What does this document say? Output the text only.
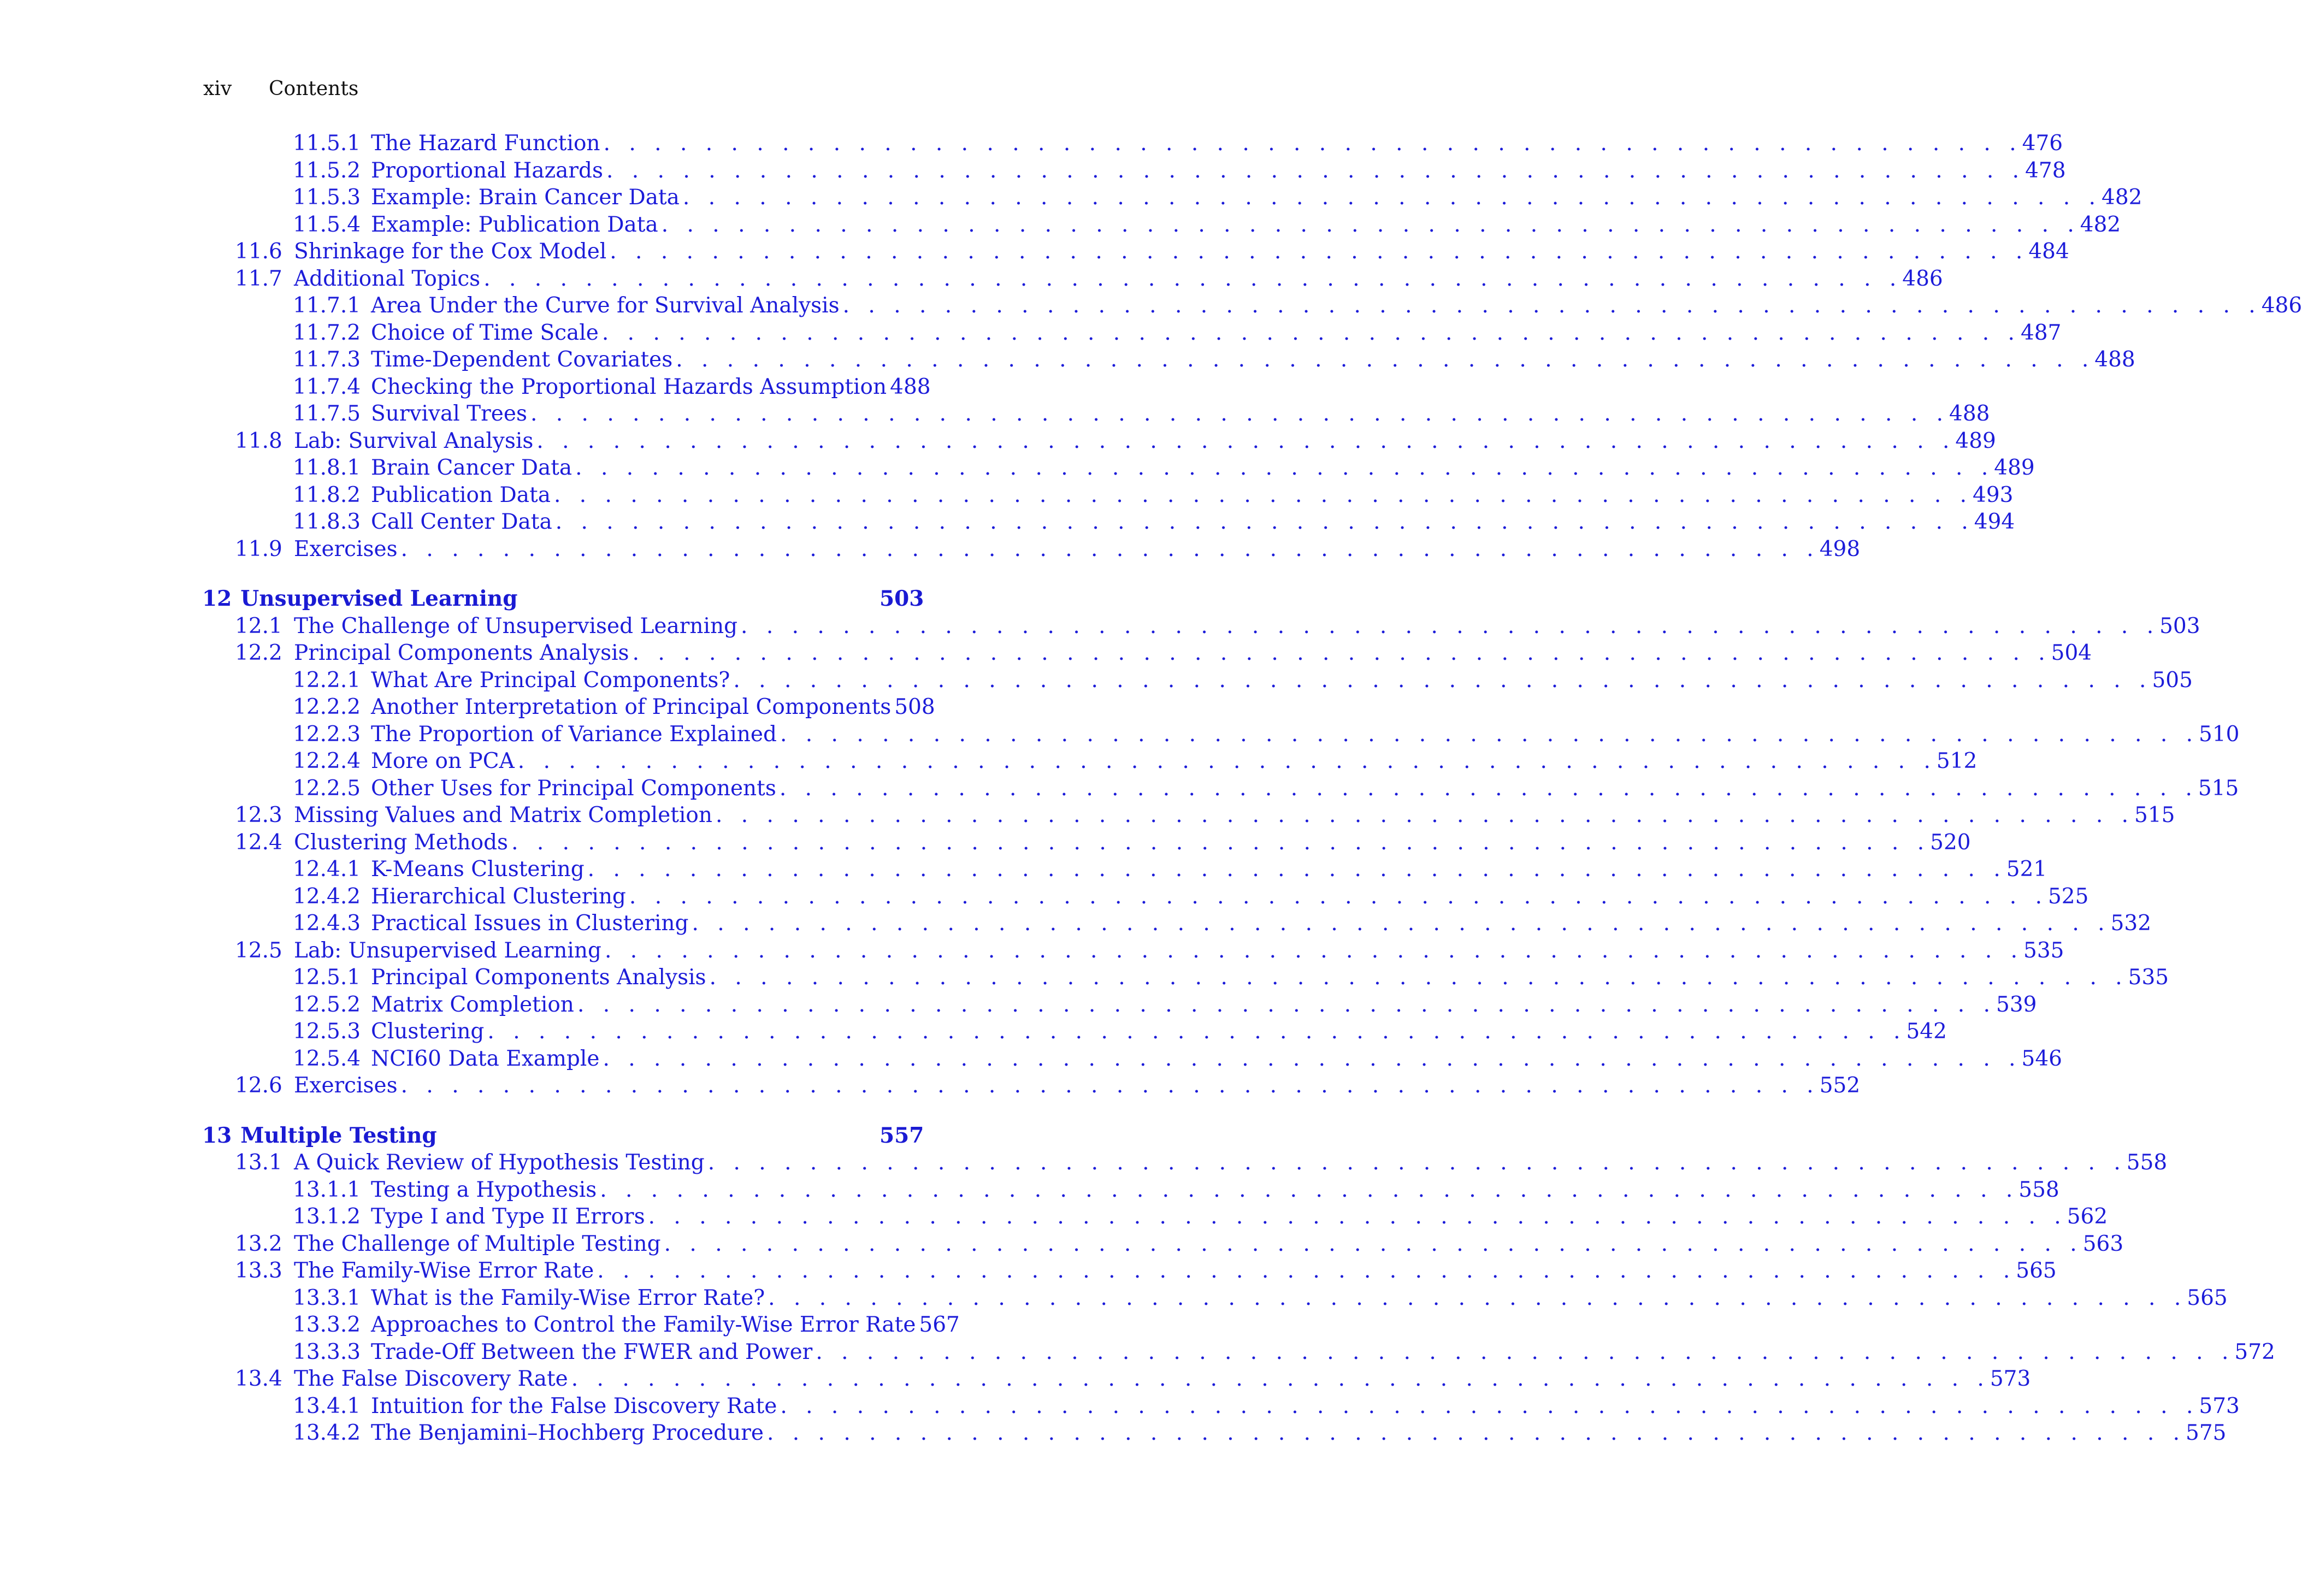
xiv Contents
11.5.1 The Hazard Function . . . . . . . . . . . . . . . . . . . . . . . . . . . . . . . . . . . . . . . . . . . . . . . . . . . . . . . . 476
11.5.2 Proportional Hazards . . . . . . . . . . . . . . . . . . . . . . . . . . . . . . . . . . . . . . . . . . . . . . . . . . . . . . . . 478
11.5.3 Example: Brain Cancer Data . . . . . . . . . . . . . . . . . . . . . . . . . . . . . . . . . . . . . . . . . . . . . . . . . . . . . . . . 482
11.5.4 Example: Publication Data . . . . . . . . . . . . . . . . . . . . . . . . . . . . . . . . . . . . . . . . . . . . . . . . . . . . . . . . 482
11.6 Shrinkage for the Cox Model . . . . . . . . . . . . . . . . . . . . . . . . . . . . . . . . . . . . . . . . . . . . . . . . . . . . . . . . 484
11.7 Additional Topics . . . . . . . . . . . . . . . . . . . . . . . . . . . . . . . . . . . . . . . . . . . . . . . . . . . . . . . . 486
11.7.1 Area Under the Curve for Survival Analysis . . . . . . . . . . . . . . . . . . . . . . . . . . . . . . . . . . . . . . . . . . . . . . . . . . . . . . . . 486
11.7.2 Choice of Time Scale . . . . . . . . . . . . . . . . . . . . . . . . . . . . . . . . . . . . . . . . . . . . . . . . . . . . . . . . 487
11.7.3 Time-Dependent Covariates . . . . . . . . . . . . . . . . . . . . . . . . . . . . . . . . . . . . . . . . . . . . . . . . . . . . . . . . 488
11.7.4 Checking the Proportional Hazards Assumption 488
11.7.5 Survival Trees . . . . . . . . . . . . . . . . . . . . . . . . . . . . . . . . . . . . . . . . . . . . . . . . . . . . . . . . 488
11.8 Lab: Survival Analysis . . . . . . . . . . . . . . . . . . . . . . . . . . . . . . . . . . . . . . . . . . . . . . . . . . . . . . . . 489
11.8.1 Brain Cancer Data . . . . . . . . . . . . . . . . . . . . . . . . . . . . . . . . . . . . . . . . . . . . . . . . . . . . . . . . 489
11.8.2 Publication Data . . . . . . . . . . . . . . . . . . . . . . . . . . . . . . . . . . . . . . . . . . . . . . . . . . . . . . . . 493
11.8.3 Call Center Data . . . . . . . . . . . . . . . . . . . . . . . . . . . . . . . . . . . . . . . . . . . . . . . . . . . . . . . . 494
11.9 Exercises . . . . . . . . . . . . . . . . . . . . . . . . . . . . . . . . . . . . . . . . . . . . . . . . . . . . . . . . 498
12 Unsupervised Learning	503
12.1 The Challenge of Unsupervised Learning . . . . . . . . . . . . . . . . . . . . . . . . . . . . . . . . . . . . . . . . . . . . . . . . . . . . . . . . 503
12.2 Principal Components Analysis . . . . . . . . . . . . . . . . . . . . . . . . . . . . . . . . . . . . . . . . . . . . . . . . . . . . . . . . 504
12.2.1 What Are Principal Components? . . . . . . . . . . . . . . . . . . . . . . . . . . . . . . . . . . . . . . . . . . . . . . . . . . . . . . . . 505
12.2.2 Another Interpretation of Principal Components 508
12.2.3 The Proportion of Variance Explained . . . . . . . . . . . . . . . . . . . . . . . . . . . . . . . . . . . . . . . . . . . . . . . . . . . . . . . . 510
12.2.4 More on PCA . . . . . . . . . . . . . . . . . . . . . . . . . . . . . . . . . . . . . . . . . . . . . . . . . . . . . . . . 512
12.2.5 Other Uses for Principal Components . . . . . . . . . . . . . . . . . . . . . . . . . . . . . . . . . . . . . . . . . . . . . . . . . . . . . . . . 515
12.3 Missing Values and Matrix Completion . . . . . . . . . . . . . . . . . . . . . . . . . . . . . . . . . . . . . . . . . . . . . . . . . . . . . . . . 515
12.4 Clustering Methods . . . . . . . . . . . . . . . . . . . . . . . . . . . . . . . . . . . . . . . . . . . . . . . . . . . . . . . . 520
12.4.1 K-Means Clustering . . . . . . . . . . . . . . . . . . . . . . . . . . . . . . . . . . . . . . . . . . . . . . . . . . . . . . . . 521
12.4.2 Hierarchical Clustering . . . . . . . . . . . . . . . . . . . . . . . . . . . . . . . . . . . . . . . . . . . . . . . . . . . . . . . . 525
12.4.3 Practical Issues in Clustering . . . . . . . . . . . . . . . . . . . . . . . . . . . . . . . . . . . . . . . . . . . . . . . . . . . . . . . . 532
12.5 Lab: Unsupervised Learning . . . . . . . . . . . . . . . . . . . . . . . . . . . . . . . . . . . . . . . . . . . . . . . . . . . . . . . . 535
12.5.1 Principal Components Analysis . . . . . . . . . . . . . . . . . . . . . . . . . . . . . . . . . . . . . . . . . . . . . . . . . . . . . . . . 535
12.5.2 Matrix Completion . . . . . . . . . . . . . . . . . . . . . . . . . . . . . . . . . . . . . . . . . . . . . . . . . . . . . . . . 539
12.5.3 Clustering . . . . . . . . . . . . . . . . . . . . . . . . . . . . . . . . . . . . . . . . . . . . . . . . . . . . . . . . 542
12.5.4 NCI60 Data Example . . . . . . . . . . . . . . . . . . . . . . . . . . . . . . . . . . . . . . . . . . . . . . . . . . . . . . . . 546
12.6 Exercises . . . . . . . . . . . . . . . . . . . . . . . . . . . . . . . . . . . . . . . . . . . . . . . . . . . . . . . . 552
13 Multiple Testing	557
13.1 A Quick Review of Hypothesis Testing . . . . . . . . . . . . . . . . . . . . . . . . . . . . . . . . . . . . . . . . . . . . . . . . . . . . . . . . 558
13.1.1 Testing a Hypothesis . . . . . . . . . . . . . . . . . . . . . . . . . . . . . . . . . . . . . . . . . . . . . . . . . . . . . . . . 558
13.1.2 Type I and Type II Errors . . . . . . . . . . . . . . . . . . . . . . . . . . . . . . . . . . . . . . . . . . . . . . . . . . . . . . . . 562
13.2 The Challenge of Multiple Testing . . . . . . . . . . . . . . . . . . . . . . . . . . . . . . . . . . . . . . . . . . . . . . . . . . . . . . . . 563
13.3 The Family-Wise Error Rate . . . . . . . . . . . . . . . . . . . . . . . . . . . . . . . . . . . . . . . . . . . . . . . . . . . . . . . . 565
13.3.1 What is the Family-Wise Error Rate? . . . . . . . . . . . . . . . . . . . . . . . . . . . . . . . . . . . . . . . . . . . . . . . . . . . . . . . . 565
13.3.2 Approaches to Control the Family-Wise Error Rate 567
13.3.3 Trade-Off Between the FWER and Power . . . . . . . . . . . . . . . . . . . . . . . . . . . . . . . . . . . . . . . . . . . . . . . . . . . . . . . . 572
13.4 The False Discovery Rate . . . . . . . . . . . . . . . . . . . . . . . . . . . . . . . . . . . . . . . . . . . . . . . . . . . . . . . . 573
13.4.1 Intuition for the False Discovery Rate . . . . . . . . . . . . . . . . . . . . . . . . . . . . . . . . . . . . . . . . . . . . . . . . . . . . . . . . 573
13.4.2 The Benjamini–Hochberg Procedure . . . . . . . . . . . . . . . . . . . . . . . . . . . . . . . . . . . . . . . . . . . . . . . . . . . . . . . . 575
